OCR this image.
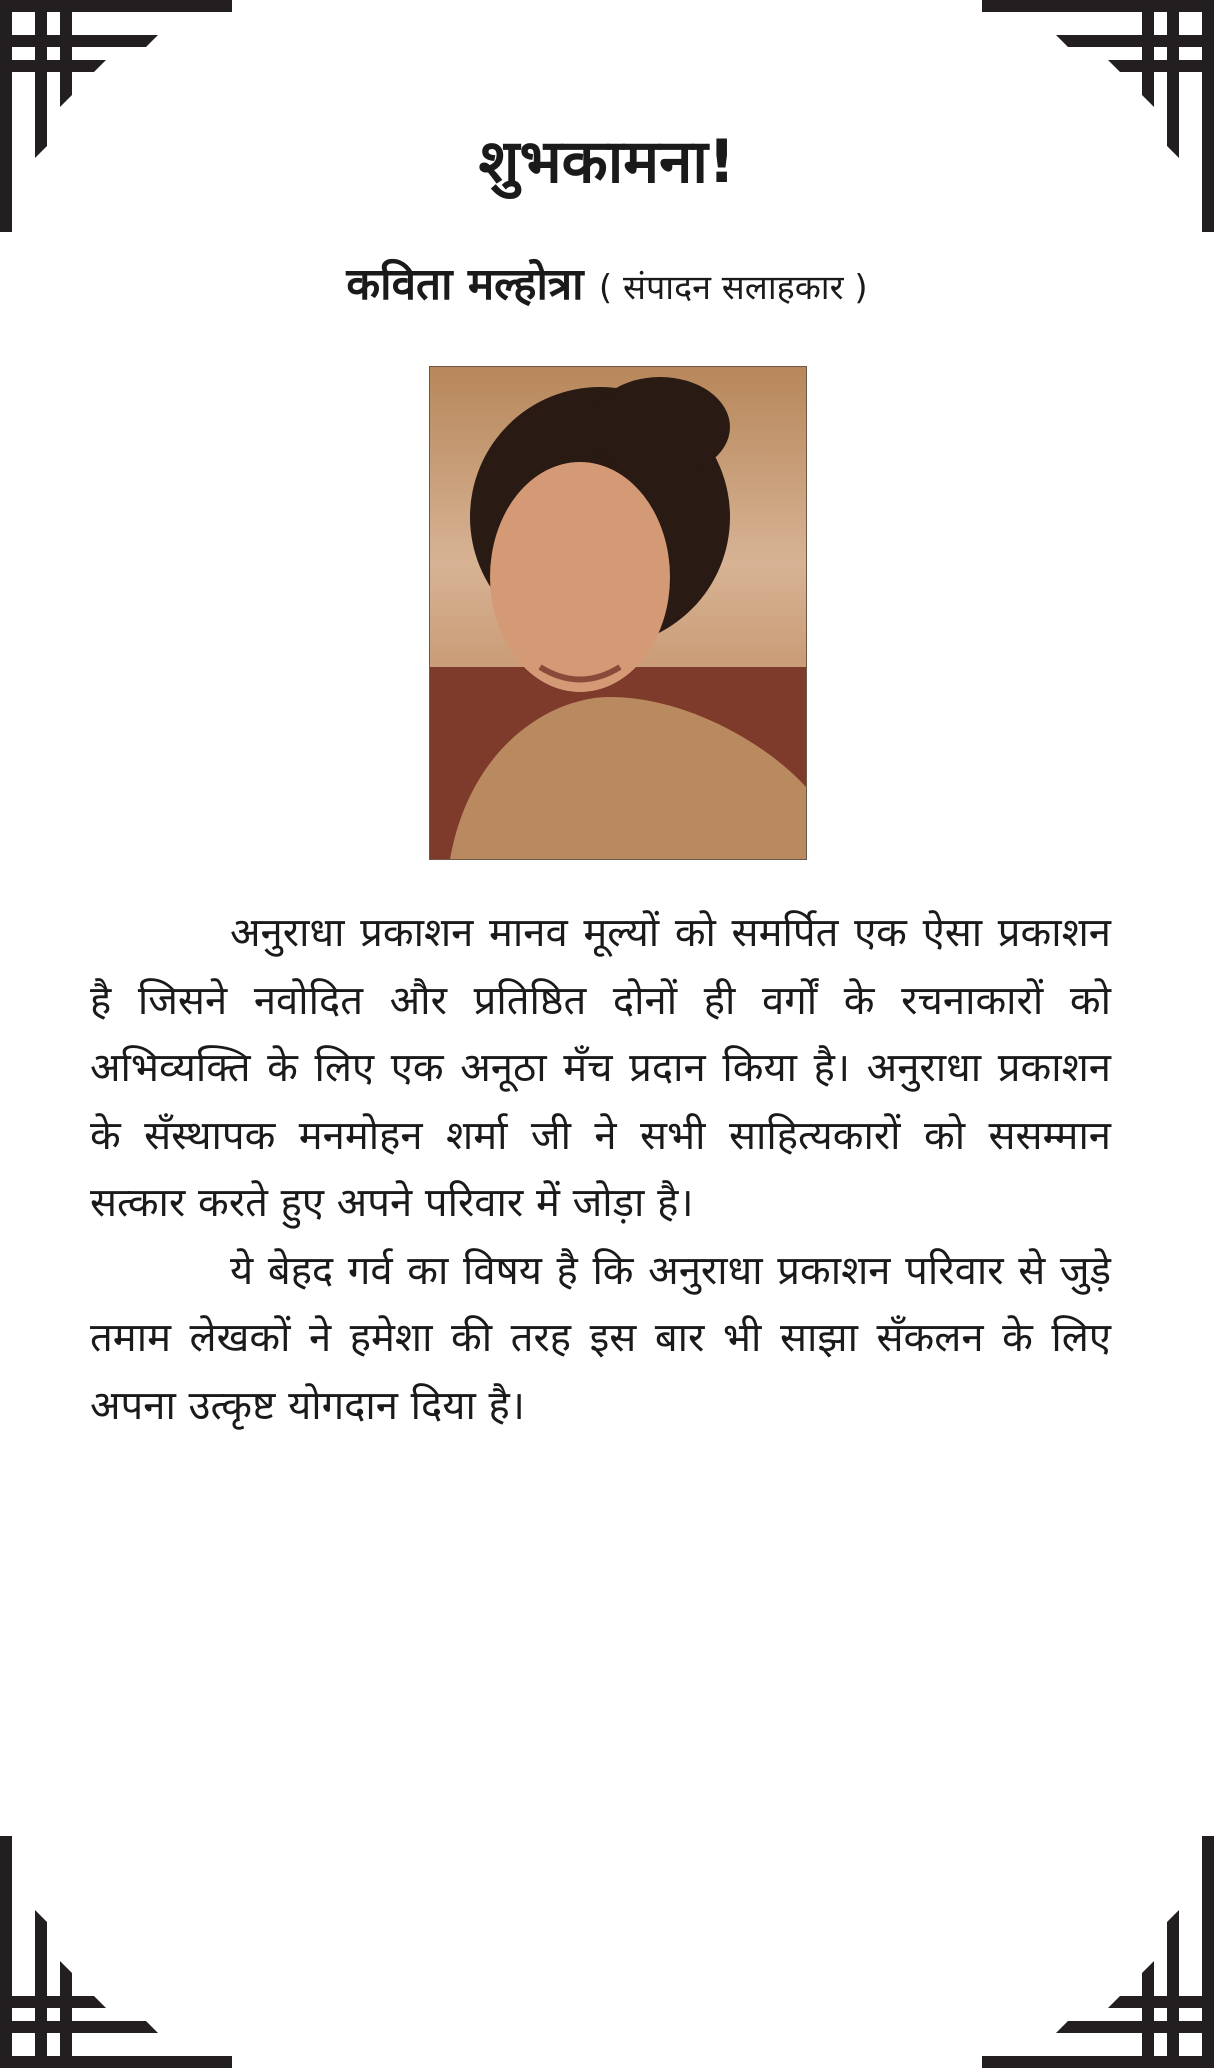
शुभकामना!
कविता मल्होत्रा ( संपादन सलाहकार )

अनुराधा प्रकाशन मानव मूल्यों को समर्पित एक ऐसा प्रकाशन है जिसने नवोदित और प्रतिष्ठित दोनों ही वर्गों के रचनाकारों को अभिव्यक्ति के लिए एक अनूठा मँच प्रदान किया है। अनुराधा प्रकाशन के सँस्थापक मनमोहन शर्मा जी ने सभी साहित्यकारों को ससम्मान सत्कार करते हुए अपने परिवार में जोड़ा है।

ये बेहद गर्व का विषय है कि अनुराधा प्रकाशन परिवार से जुड़े तमाम लेखकों ने हमेशा की तरह इस बार भी साझा सँकलन के लिए अपना उत्कृष्ट योगदान दिया है।
